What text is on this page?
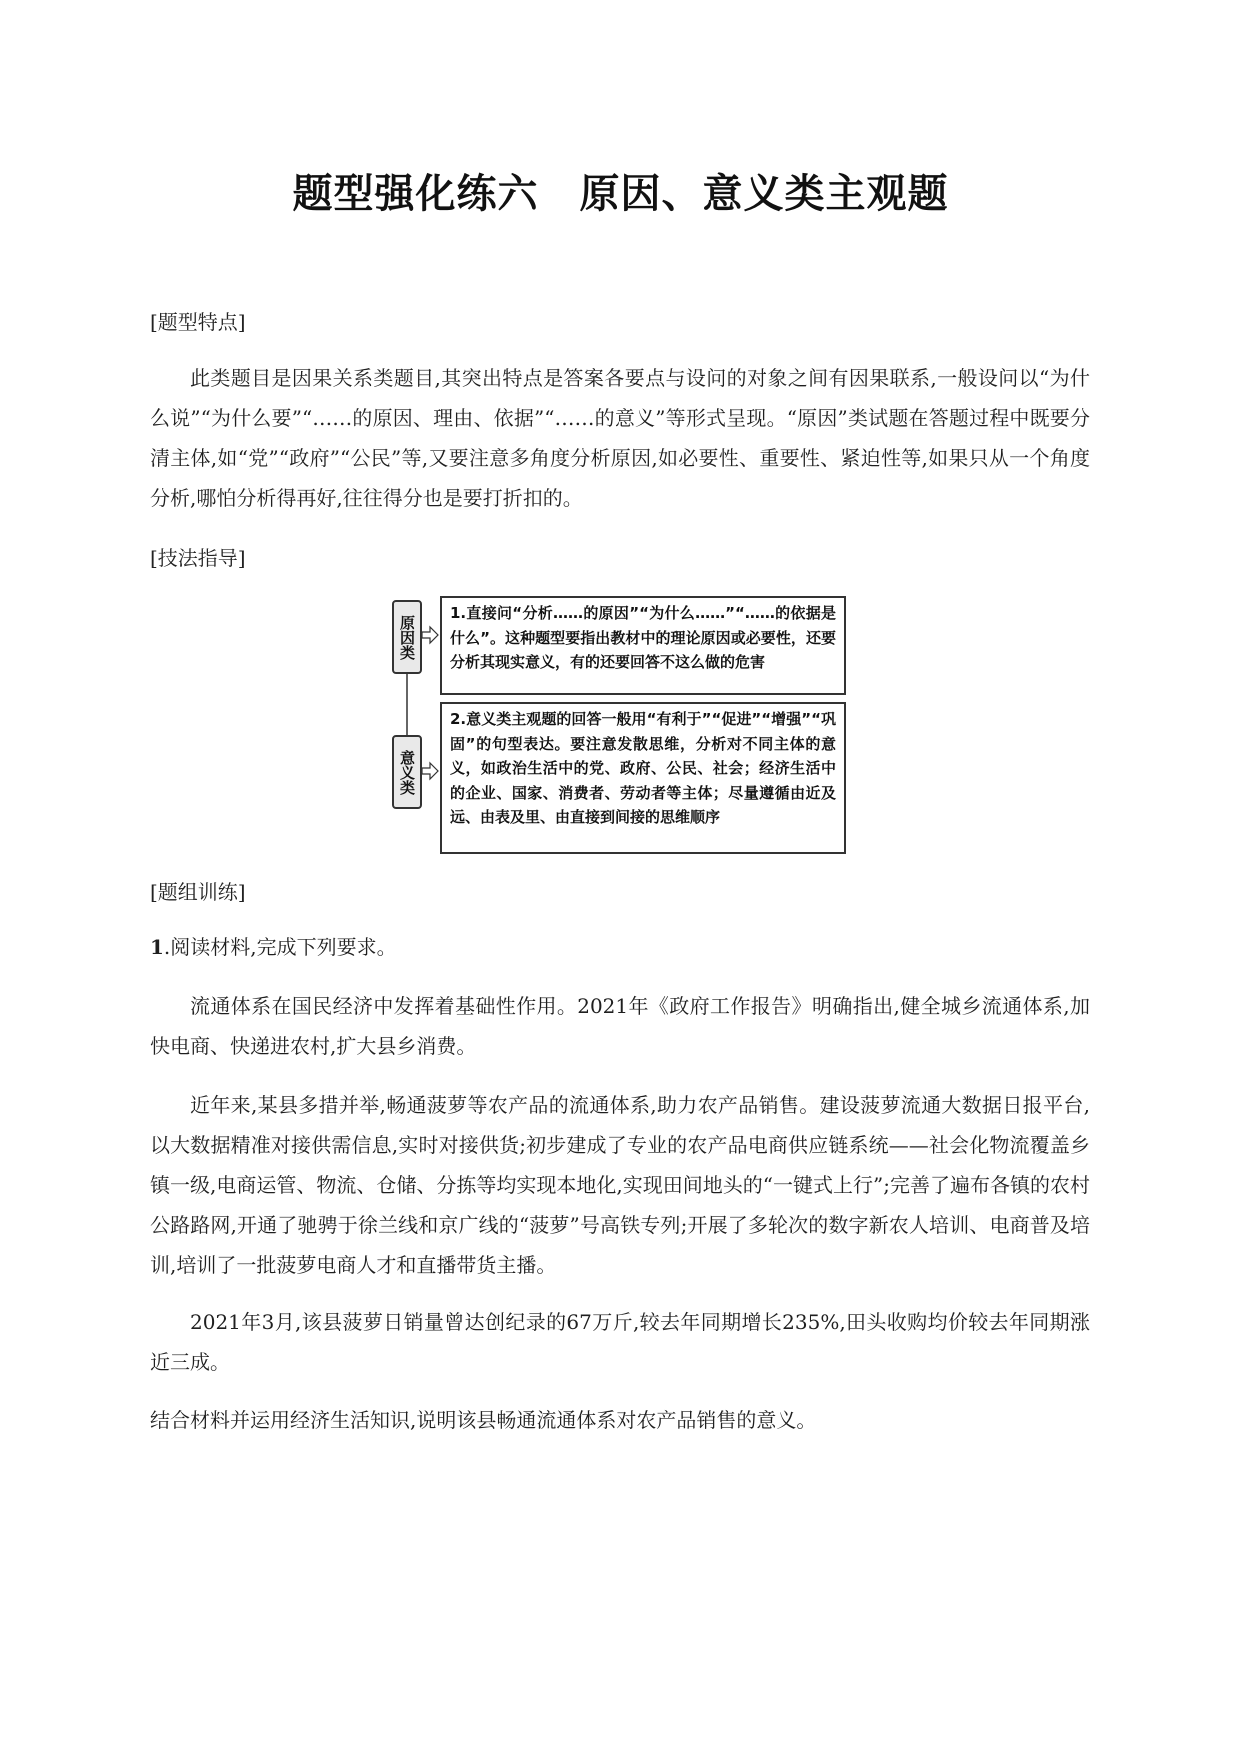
题型强化练六　原因、意义类主观题
[题型特点]
此类题目是因果关系类题目,其突出特点是答案各要点与设问的对象之间有因果联系,一般设问以“为什么说”“为什么要”“……的原因、理由、依据”“……的意义”等形式呈现。“原因”类试题在答题过程中既要分清主体,如“党”“政府”“公民”等,又要注意多角度分析原因,如必要性、重要性、紧迫性等,如果只从一个角度分析,哪怕分析得再好,往往得分也是要打折扣的。
[技法指导]
原因类
1.直接问“分析……的原因”“为什么……”“……的依据是什么”。这种题型要指出教材中的理论原因或必要性，还要分析其现实意义，有的还要回答不这么做的危害
意义类
2.意义类主观题的回答一般用“有利于”“促进”“增强”“巩固”的句型表达。要注意发散思维，分析对不同主体的意义，如政治生活中的党、政府、公民、社会；经济生活中的企业、国家、消费者、劳动者等主体；尽量遵循由近及远、由表及里、由直接到间接的思维顺序
[题组训练]
1.阅读材料,完成下列要求。
流通体系在国民经济中发挥着基础性作用。2021年《政府工作报告》明确指出,健全城乡流通体系,加快电商、快递进农村,扩大县乡消费。
近年来,某县多措并举,畅通菠萝等农产品的流通体系,助力农产品销售。建设菠萝流通大数据日报平台,以大数据精准对接供需信息,实时对接供货;初步建成了专业的农产品电商供应链系统——社会化物流覆盖乡镇一级,电商运管、物流、仓储、分拣等均实现本地化,实现田间地头的“一键式上行”;完善了遍布各镇的农村公路路网,开通了驰骋于徐兰线和京广线的“菠萝”号高铁专列;开展了多轮次的数字新农人培训、电商普及培训,培训了一批菠萝电商人才和直播带货主播。
2021年3月,该县菠萝日销量曾达创纪录的67万斤,较去年同期增长235%,田头收购均价较去年同期涨近三成。
结合材料并运用经济生活知识,说明该县畅通流通体系对农产品销售的意义。
